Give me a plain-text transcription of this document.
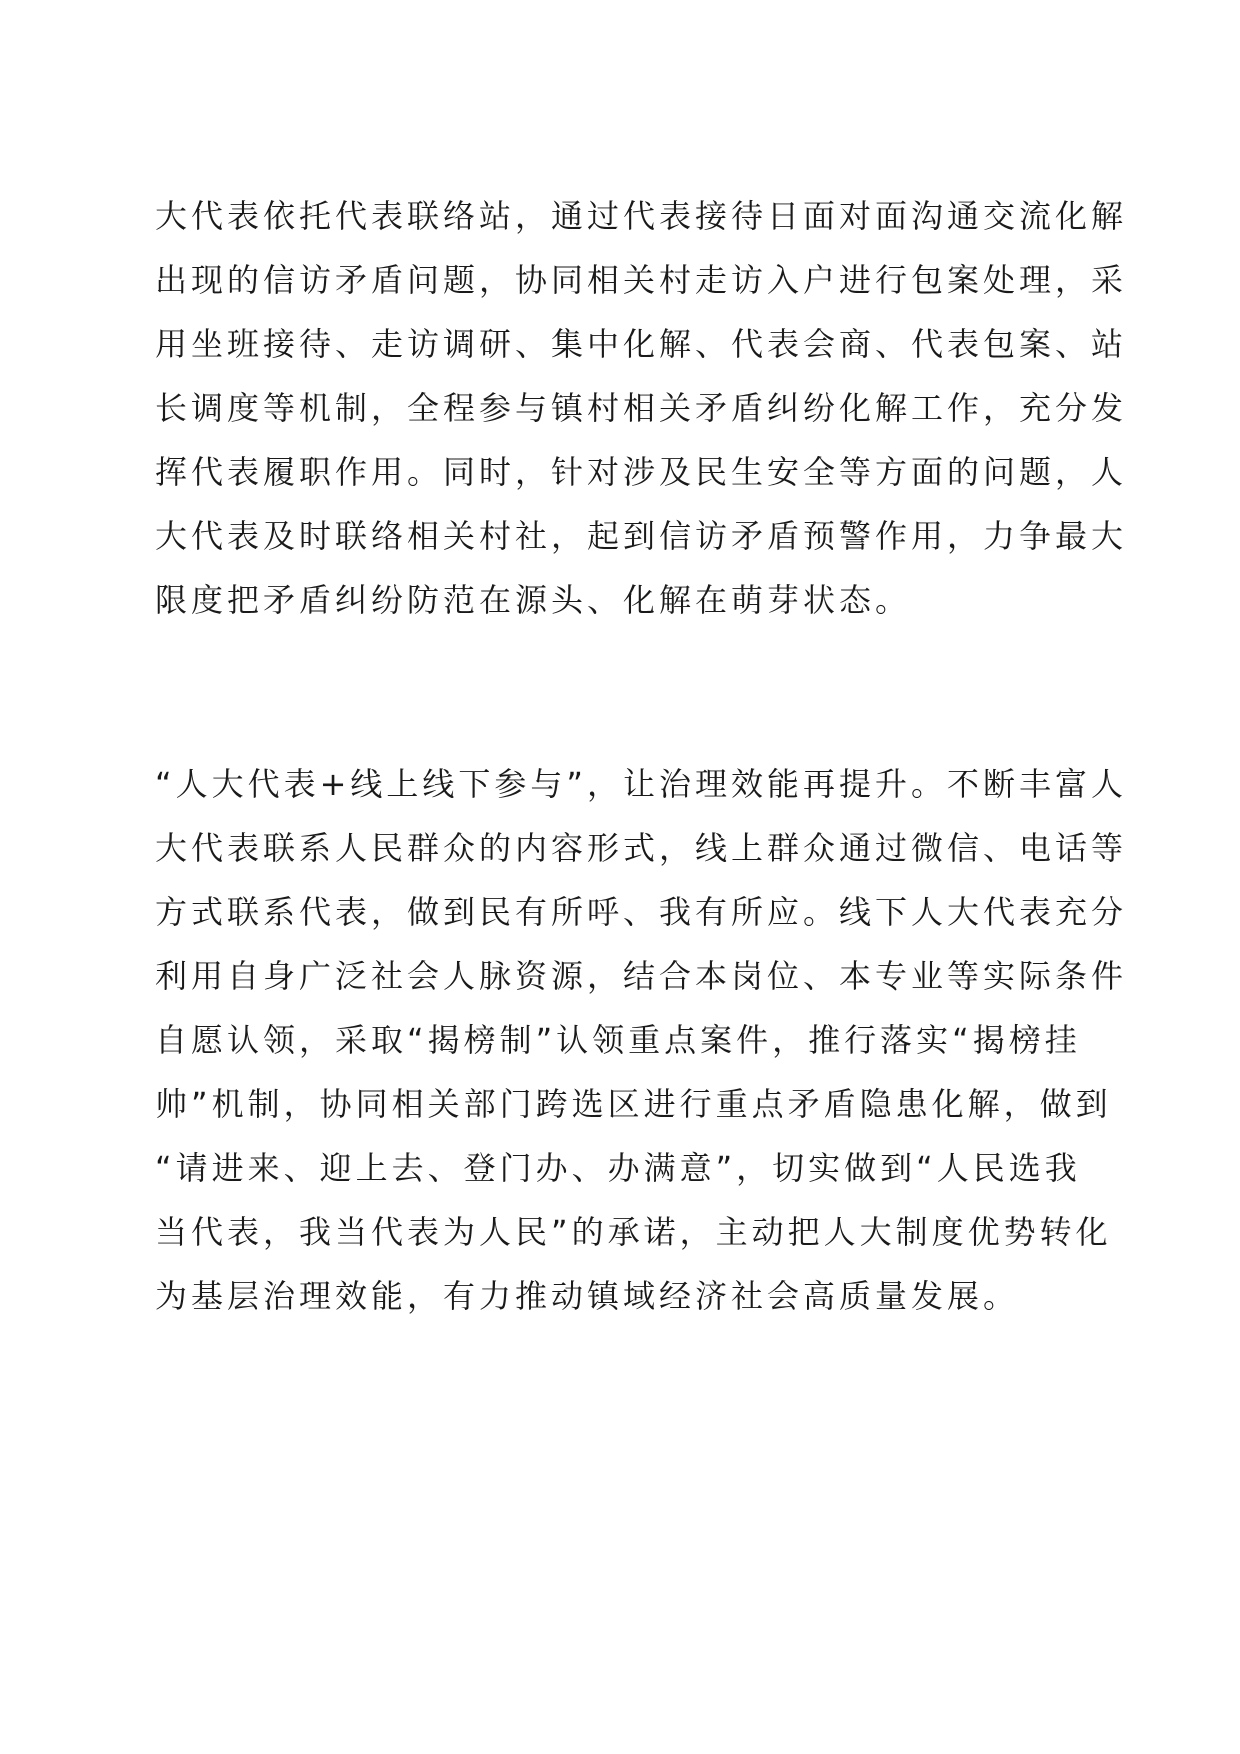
大代表依托代表联络站，通过代表接待日面对面沟通交流化解
出现的信访矛盾问题，协同相关村走访入户进行包案处理，采
用坐班接待、走访调研、集中化解、代表会商、代表包案、站
长调度等机制，全程参与镇村相关矛盾纠纷化解工作，充分发
挥代表履职作用。同时，针对涉及民生安全等方面的问题，人
大代表及时联络相关村社，起到信访矛盾预警作用，力争最大
限度把矛盾纠纷防范在源头、化解在萌芽状态。

“人大代表+线上线下参与”，让治理效能再提升。不断丰富人
大代表联系人民群众的内容形式，线上群众通过微信、电话等
方式联系代表，做到民有所呼、我有所应。线下人大代表充分
利用自身广泛社会人脉资源，结合本岗位、本专业等实际条件
自愿认领，采取“揭榜制”认领重点案件，推行落实“揭榜挂
帅”机制，协同相关部门跨选区进行重点矛盾隐患化解，做到
“请进来、迎上去、登门办、办满意”，切实做到“人民选我
当代表，我当代表为人民”的承诺，主动把人大制度优势转化
为基层治理效能，有力推动镇域经济社会高质量发展。
